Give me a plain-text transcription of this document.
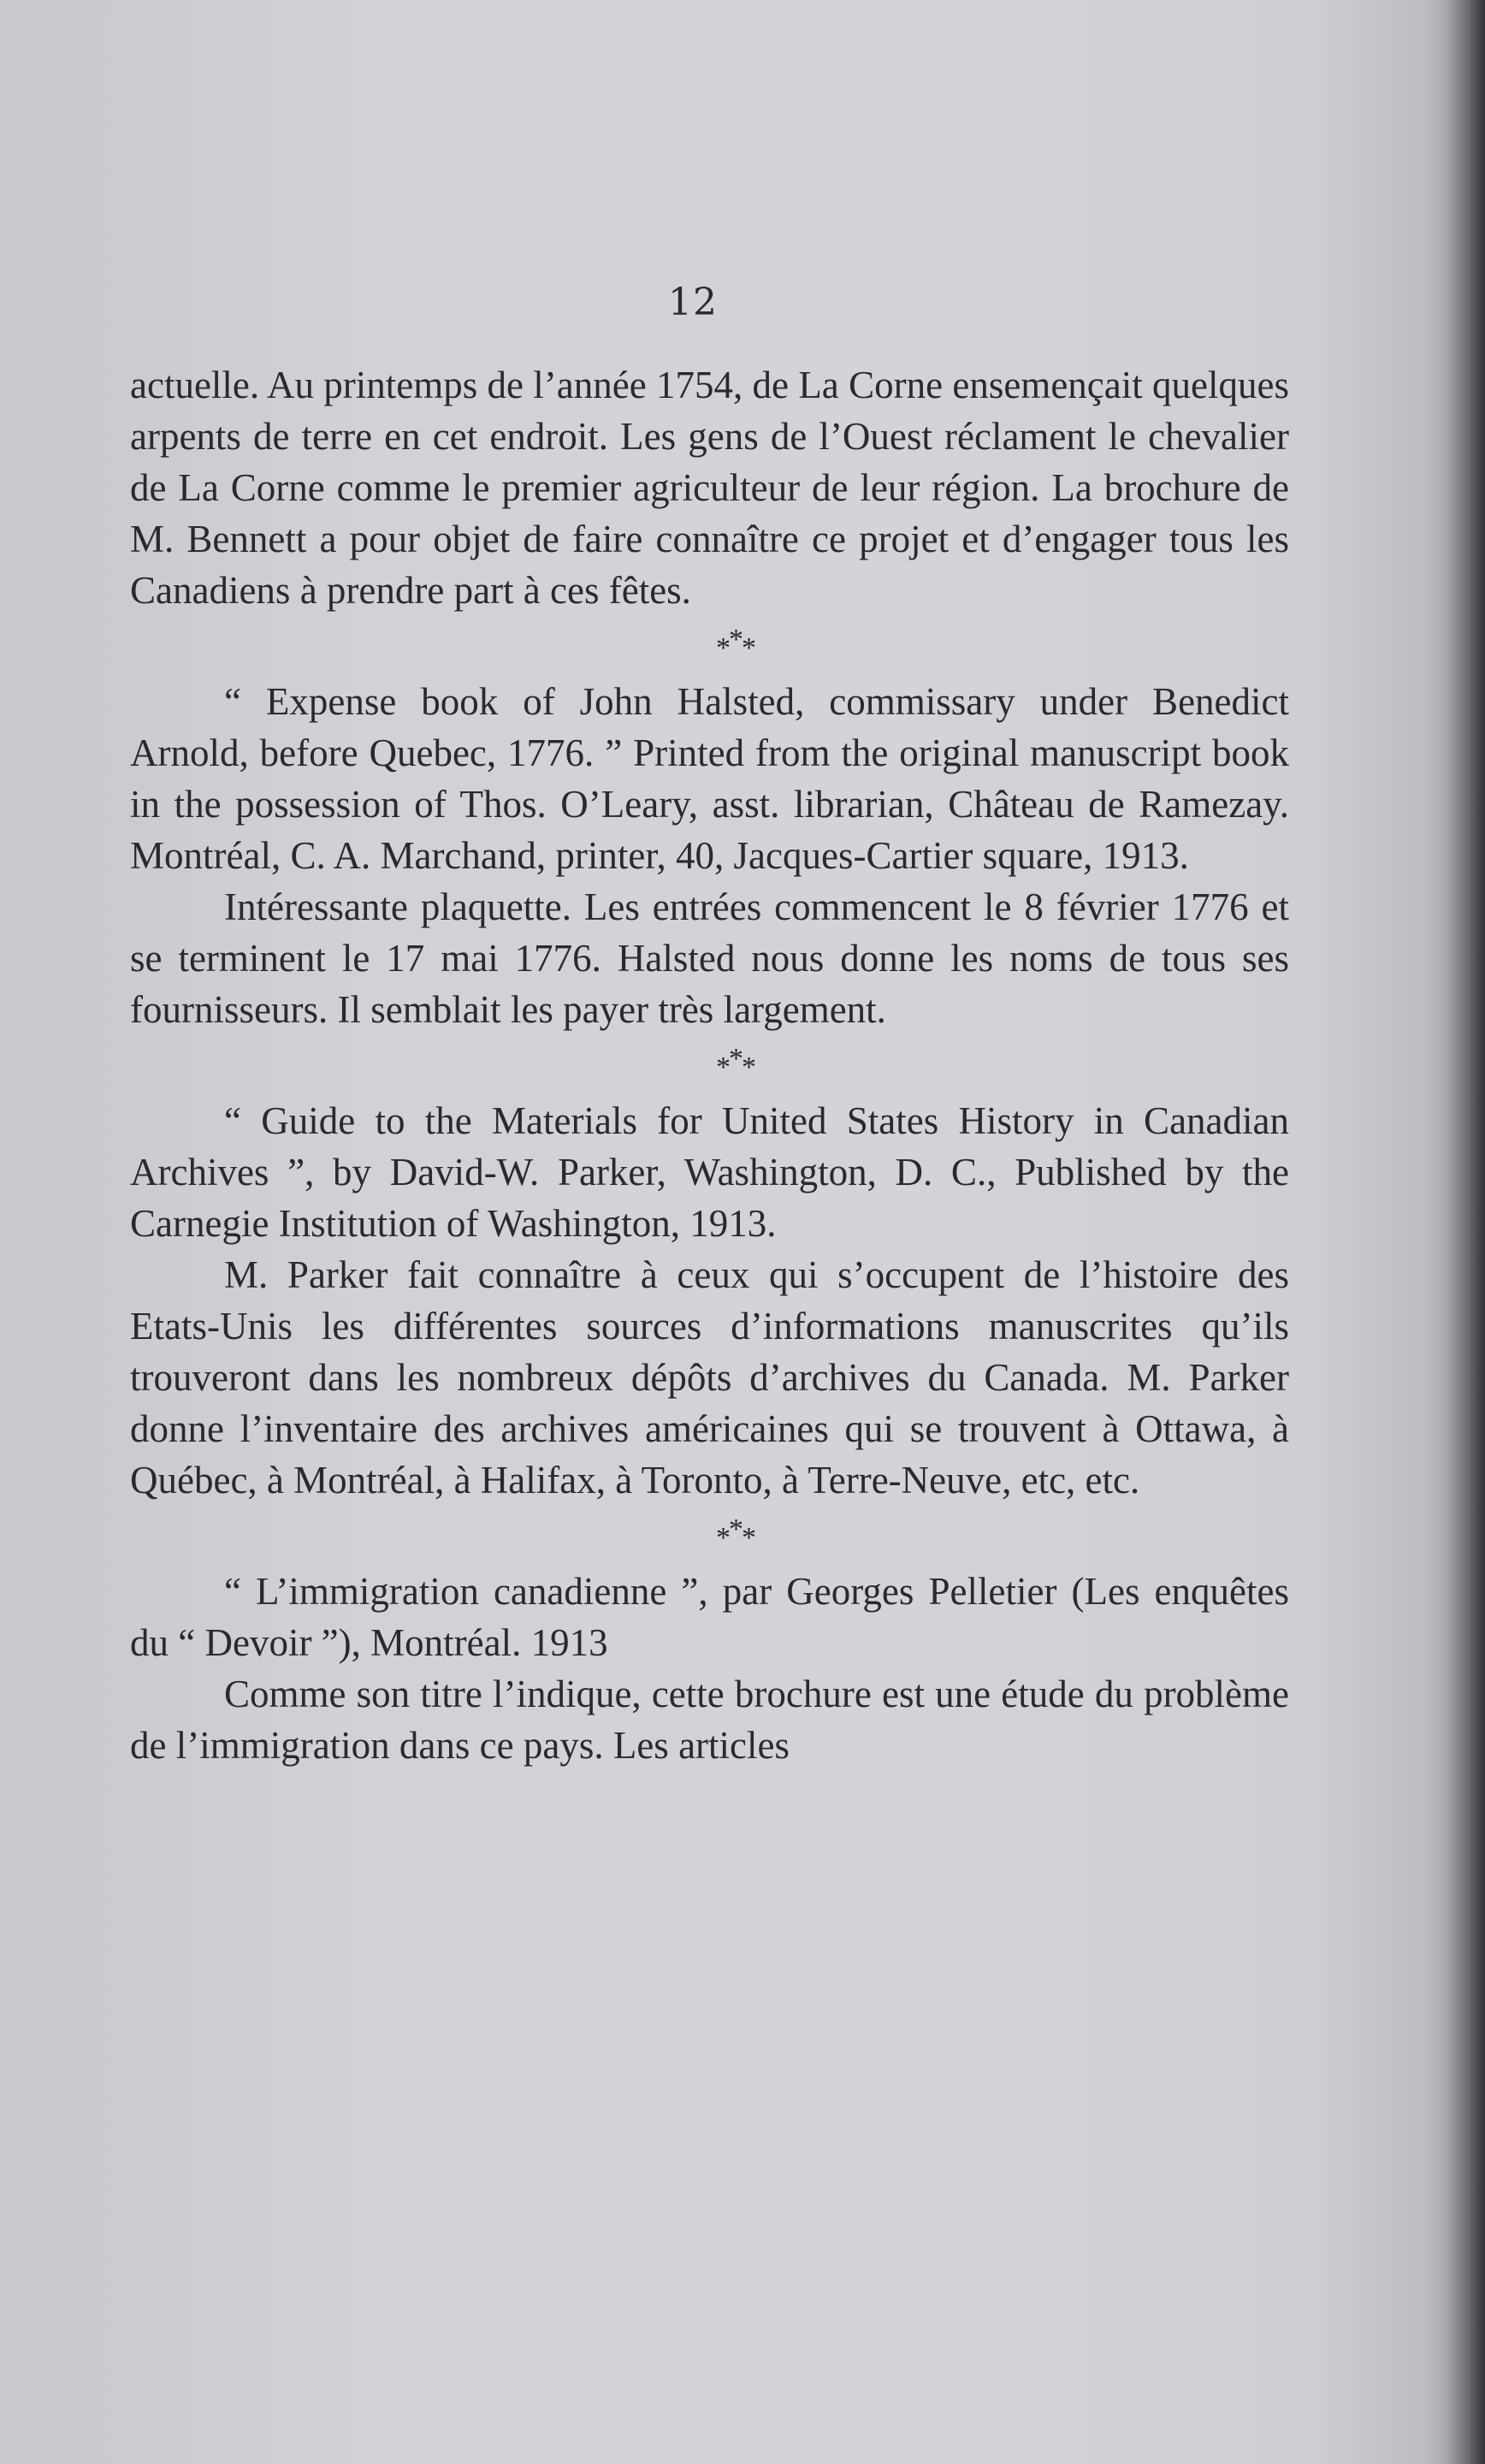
12

actuelle. Au printemps de l’année 1754, de La Corne ensemençait quelques arpents de terre en cet endroit. Les gens de l’Ouest réclament le chevalier de La Corne comme le premier agriculteur de leur région. La brochure de M. Bennett a pour objet de faire connaître ce projet et d’engager tous les Canadiens à prendre part à ces fêtes.

***

“ Expense book of John Halsted, commissary under Benedict Arnold, before Quebec, 1776. ” Printed from the original manuscript book in the possession of Thos. O’Leary, asst. librarian, Château de Ramezay. Montréal, C. A. Marchand, printer, 40, Jacques-Cartier square, 1913.

Intéressante plaquette. Les entrées commencent le 8 février 1776 et se terminent le 17 mai 1776. Halsted nous donne les noms de tous ses fournisseurs. Il semblait les payer très largement.

***

“ Guide to the Materials for United States History in Canadian Archives ”, by David-W. Parker, Washington, D. C., Published by the Carnegie Institution of Washington, 1913.

M. Parker fait connaître à ceux qui s’occupent de l’histoire des Etats-Unis les différentes sources d’informations manuscrites qu’ils trouveront dans les nombreux dépôts d’archives du Canada. M. Parker donne l’inventaire des archives américaines qui se trouvent à Ottawa, à Québec, à Montréal, à Halifax, à Toronto, à Terre-Neuve, etc, etc.

***

“ L’immigration canadienne ”, par Georges Pelletier (Les enquêtes du “ Devoir ”), Montréal. 1913

Comme son titre l’indique, cette brochure est une étude du problème de l’immigration dans ce pays. Les articles
